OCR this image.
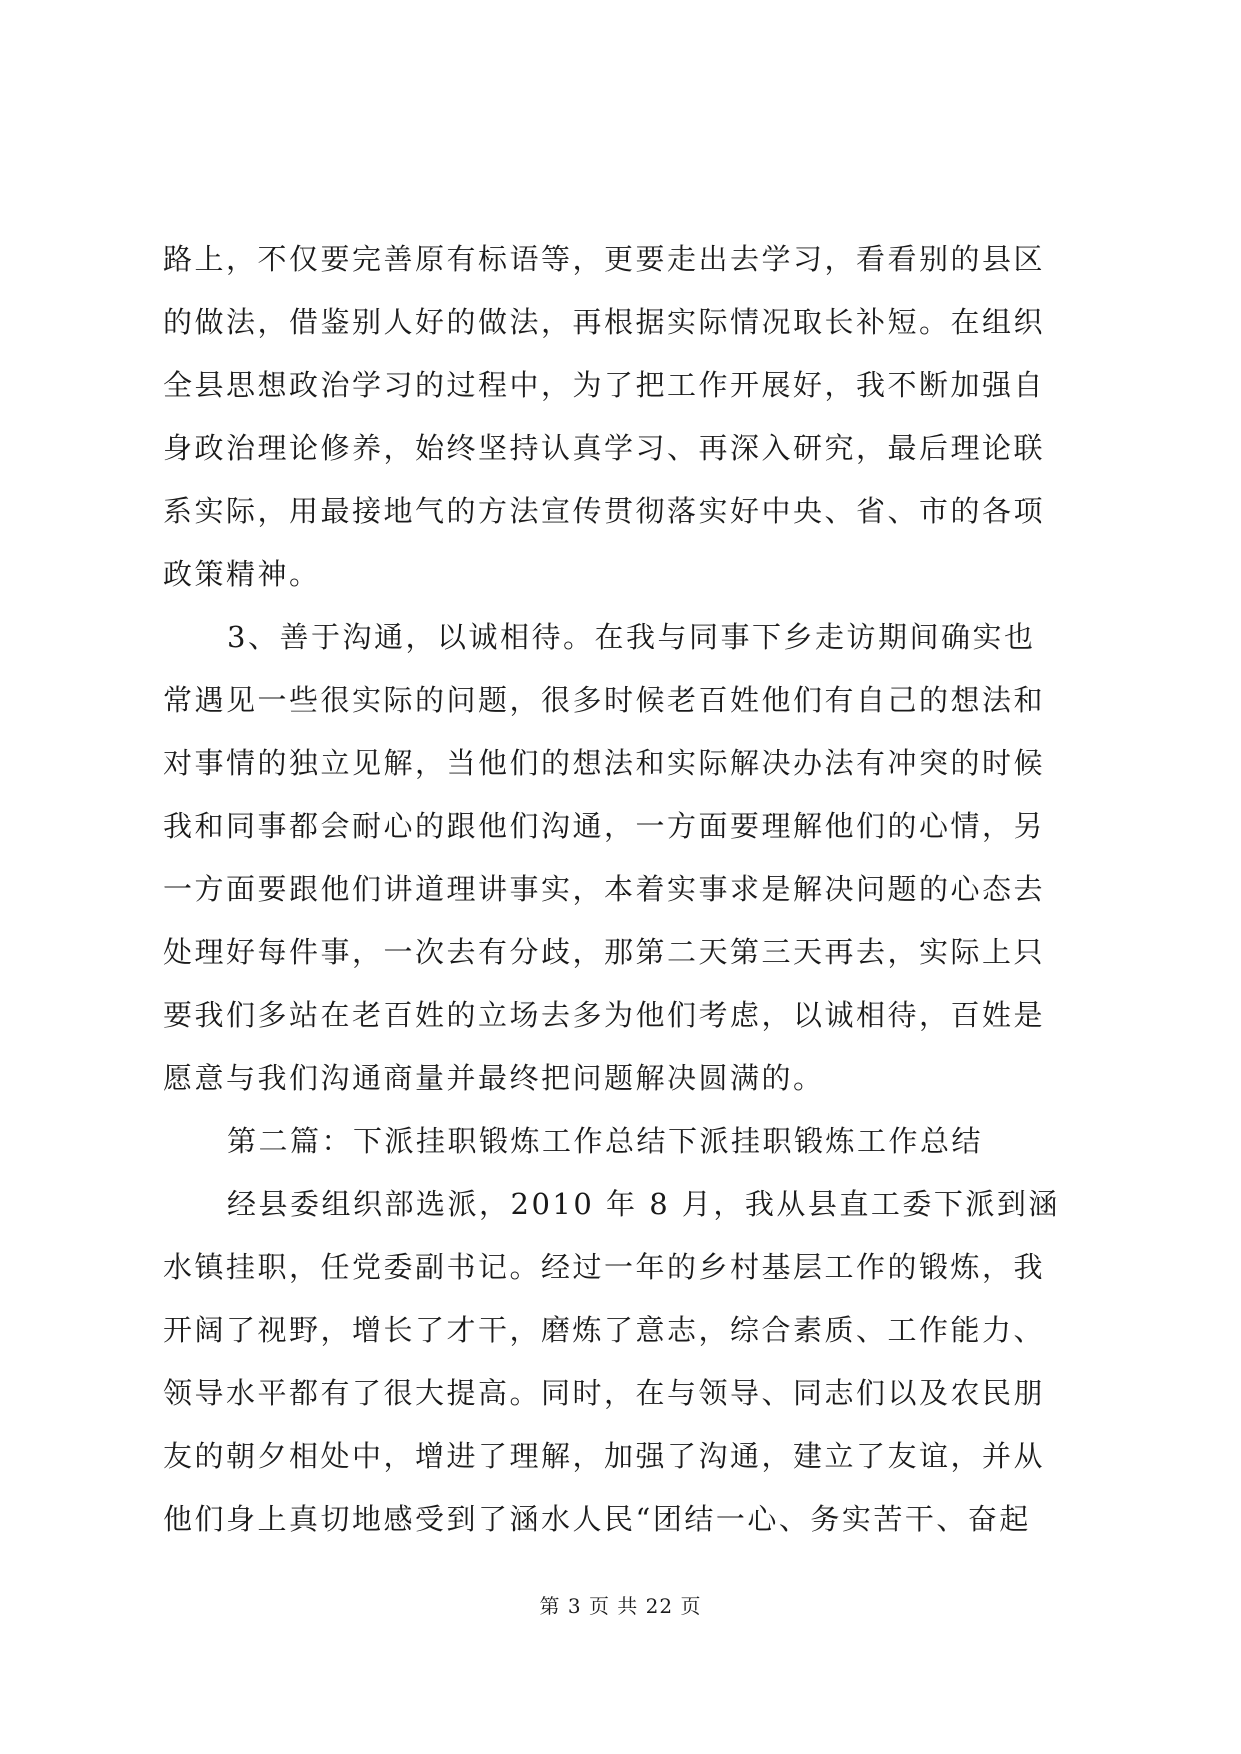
路上，不仅要完善原有标语等，更要走出去学习，看看别的县区
的做法，借鉴别人好的做法，再根据实际情况取长补短。在组织
全县思想政治学习的过程中，为了把工作开展好，我不断加强自
身政治理论修养，始终坚持认真学习、再深入研究，最后理论联
系实际，用最接地气的方法宣传贯彻落实好中央、省、市的各项
政策精神。
3、善于沟通，以诚相待。在我与同事下乡走访期间确实也
常遇见一些很实际的问题，很多时候老百姓他们有自己的想法和
对事情的独立见解，当他们的想法和实际解决办法有冲突的时候
我和同事都会耐心的跟他们沟通，一方面要理解他们的心情，另
一方面要跟他们讲道理讲事实，本着实事求是解决问题的心态去
处理好每件事，一次去有分歧，那第二天第三天再去，实际上只
要我们多站在老百姓的立场去多为他们考虑，以诚相待，百姓是
愿意与我们沟通商量并最终把问题解决圆满的。
第二篇：下派挂职锻炼工作总结下派挂职锻炼工作总结
经县委组织部选派，2010 年 8 月，我从县直工委下派到涵
水镇挂职，任党委副书记。经过一年的乡村基层工作的锻炼，我
开阔了视野，增长了才干，磨炼了意志，综合素质、工作能力、
领导水平都有了很大提高。同时，在与领导、同志们以及农民朋
友的朝夕相处中，增进了理解，加强了沟通，建立了友谊，并从
他们身上真切地感受到了涵水人民“团结一心、务实苦干、奋起
第 3 页 共 22 页
